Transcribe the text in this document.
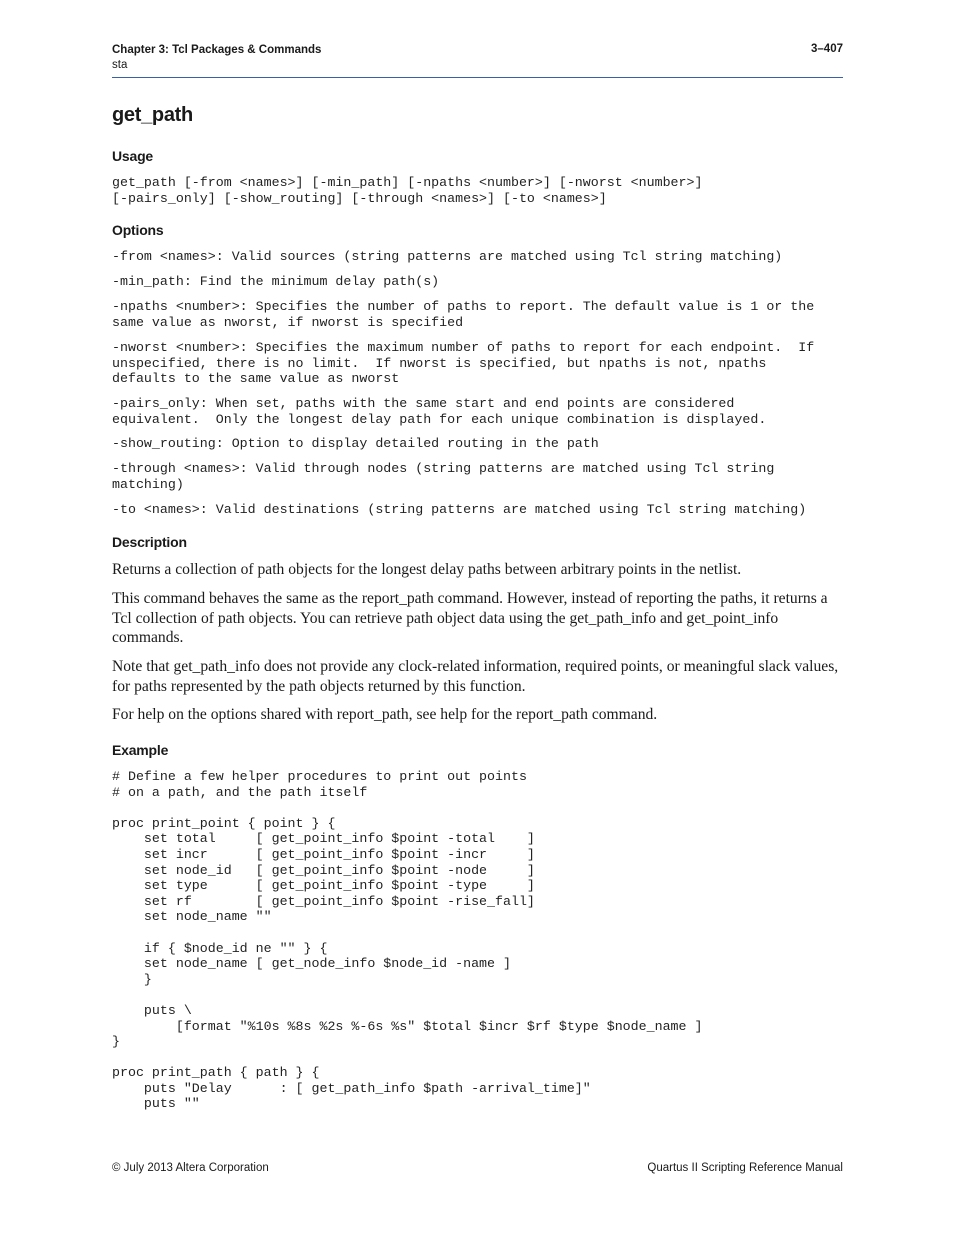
Chapter 3: Tcl Packages & Commands
sta
3–407
get_path
Usage
get_path [-from <names>] [-min_path] [-npaths <number>] [-nworst <number>]
[-pairs_only] [-show_routing] [-through <names>] [-to <names>]
Options
-from <names>: Valid sources (string patterns are matched using Tcl string matching)
-min_path: Find the minimum delay path(s)
-npaths <number>: Specifies the number of paths to report. The default value is 1 or the
same value as nworst, if nworst is specified
-nworst <number>: Specifies the maximum number of paths to report for each endpoint.  If
unspecified, there is no limit.  If nworst is specified, but npaths is not, npaths
defaults to the same value as nworst
-pairs_only: When set, paths with the same start and end points are considered
equivalent.  Only the longest delay path for each unique combination is displayed.
-show_routing: Option to display detailed routing in the path
-through <names>: Valid through nodes (string patterns are matched using Tcl string
matching)
-to <names>: Valid destinations (string patterns are matched using Tcl string matching)
Description

Returns a collection of path objects for the longest delay paths between arbitrary points in the netlist.

This command behaves the same as the report_path command. However, instead of reporting the paths, it returns a Tcl collection of path objects. You can retrieve path object data using the get_path_info and get_point_info commands.

Note that get_path_info does not provide any clock-related information, required points, or meaningful slack values, for paths represented by the path objects returned by this function.

For help on the options shared with report_path, see help for the report_path command.

Example
# Define a few helper procedures to print out points
# on a path, and the path itself

proc print_point { point } {
set total     [ get_point_info $point -total    ]
set incr      [ get_point_info $point -incr     ]
set node_id   [ get_point_info $point -node     ]
set type      [ get_point_info $point -type     ]
set rf        [ get_point_info $point -rise_fall]
set node_name ""

if { $node_id ne "" } {
set node_name [ get_node_info $node_id -name ]
}

puts \
[format "%10s %8s %2s %-6s %s" $total $incr $rf $type $node_name ]
}

proc print_path { path } {
puts "Delay      : [ get_path_info $path -arrival_time]"
puts ""
© July 2013 Altera Corporation	Quartus II Scripting Reference Manual
